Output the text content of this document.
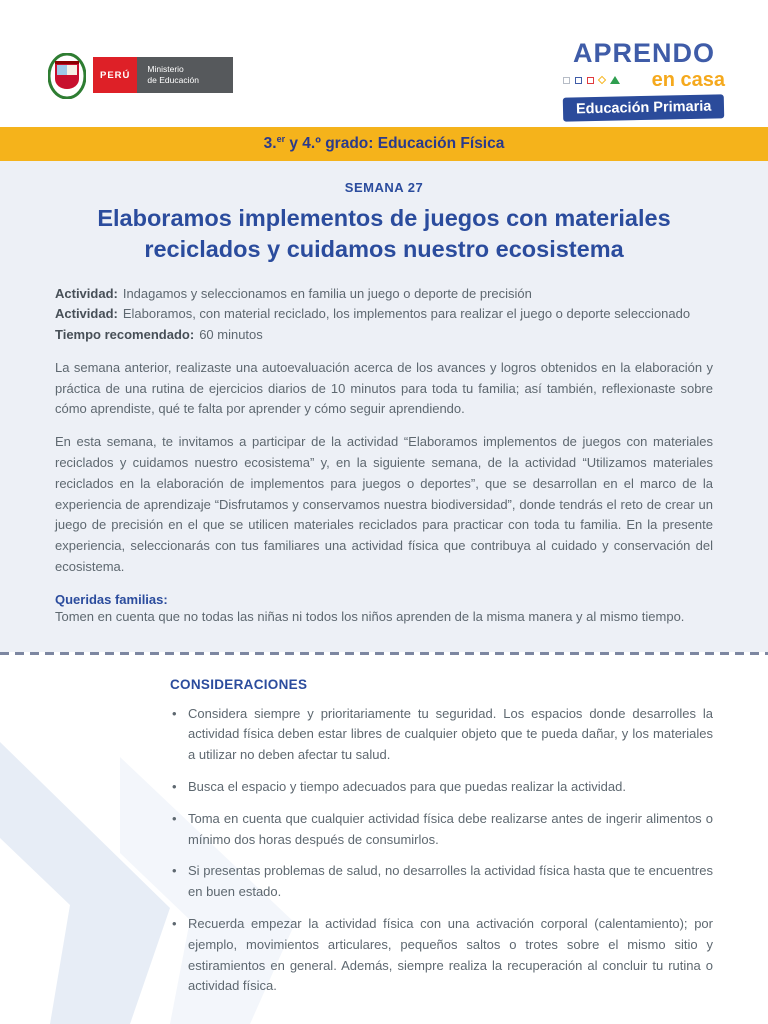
PERÚ
Ministerio
de Educación
APRENDO
en casa
Educación Primaria
3.$^{er}$ y 4.º grado: Educación Física
SEMANA 27
Elaboramos implementos de juegos con materiales reciclados y cuidamos nuestro ecosistema
Actividad: Indagamos y seleccionamos en familia un juego o deporte de precisión
Actividad: Elaboramos, con material reciclado, los implementos para realizar el juego o deporte seleccionado
Tiempo recomendado: 60 minutos

La semana anterior, realizaste una autoevaluación acerca de los avances y logros obtenidos en la elaboración y práctica de una rutina de ejercicios diarios de 10 minutos para toda tu familia; así también, reflexionaste sobre cómo aprendiste, qué te falta por aprender y cómo seguir aprendiendo.

En esta semana, te invitamos a participar de la actividad “Elaboramos implementos de juegos con materiales reciclados y cuidamos nuestro ecosistema” y, en la siguiente semana, de la actividad “Utilizamos materiales reciclados en la elaboración de implementos para juegos o deportes”, que se desarrollan en el marco de la experiencia de aprendizaje “Disfrutamos y conservamos nuestra biodiversidad”, donde tendrás el reto de crear un juego de precisión en el que se utilicen materiales reciclados para practicar con toda tu familia. En la presente experiencia, seleccionarás con tus familiares una actividad física que contribuya al cuidado y conservación del ecosistema.

Queridas familias:
Tomen en cuenta que no todas las niñas ni todos los niños aprenden de la misma manera y al mismo tiempo.
CONSIDERACIONES
• Considera siempre y prioritariamente tu seguridad. Los espacios donde desarrolles la actividad física deben estar libres de cualquier objeto que te pueda dañar, y los materiales a utilizar no deben afectar tu salud.
• Busca el espacio y tiempo adecuados para que puedas realizar la actividad.
• Toma en cuenta que cualquier actividad física debe realizarse antes de ingerir alimentos o mínimo dos horas después de consumirlos.
• Si presentas problemas de salud, no desarrolles la actividad física hasta que te encuentres en buen estado.
• Recuerda empezar la actividad física con una activación corporal (calentamiento); por ejemplo, movimientos articulares, pequeños saltos o trotes sobre el mismo sitio y estiramientos en general. Además, siempre realiza la recuperación al concluir tu rutina o actividad física.
